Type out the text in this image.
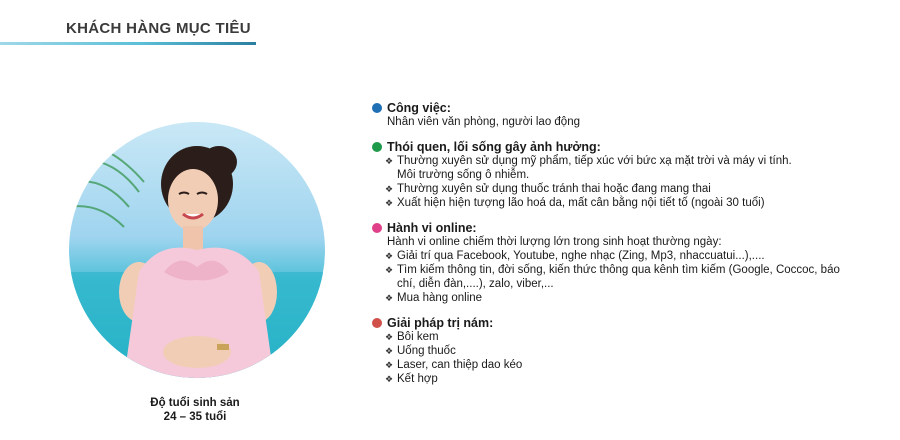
KHÁCH HÀNG MỤC TIÊU
Độ tuổi sinh sản
24 – 35 tuổi
Công việc:
Nhân viên văn phòng, người lao động
Thói quen, lối sống gây ảnh hưởng:
❖ Thường xuyên sử dụng mỹ phẩm, tiếp xúc với bức xạ mặt trời và máy vi tính.
Môi trường sống ô nhiễm.
❖ Thường xuyên sử dụng thuốc tránh thai hoặc đang mang thai
❖ Xuất hiện hiện tượng lão hoá da, mất cân bằng nội tiết tố (ngoài 30 tuổi)
Hành vi online:
Hành vi online chiếm thời lượng lớn trong sinh hoạt thường ngày:
❖ Giải trí qua Facebook, Youtube, nghe nhạc (Zing, Mp3, nhaccuatui...),....
❖ Tìm kiếm thông tin, đời sống, kiến thức thông qua kênh tìm kiếm (Google, Coccoc, báo
chí, diễn đàn,....), zalo, viber,...
❖ Mua hàng online
Giải pháp trị nám:
❖ Bôi kem
❖ Uống thuốc
❖ Laser, can thiệp dao kéo
❖ Kết hợp
